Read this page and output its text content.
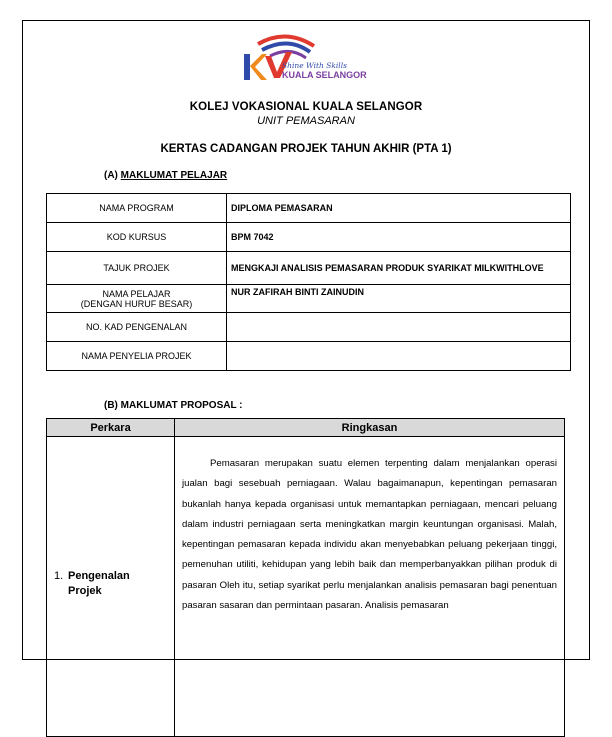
Shine With Skills
KUALA SELANGOR
KOLEJ VOKASIONAL KUALA SELANGOR
UNIT PEMASARAN
KERTAS CADANGAN PROJEK TAHUN AKHIR (PTA 1)
(A) MAKLUMAT PELAJAR
NAMA PROGRAM	DIPLOMA PEMASARAN
KOD KURSUS	BPM 7042
TAJUK PROJEK	MENGKAJI ANALISIS PEMASARAN PRODUK SYARIKAT MILKWITHLOVE
NAMA PELAJAR
(DENGAN HURUF BESAR)	NUR ZAFIRAH BINTI ZAINUDIN
NO. KAD PENGENALAN	
NAMA PENYELIA PROJEK	
(B) MAKLUMAT PROPOSAL :
Perkara	Ringkasan

1. Pengenalan
Projek	Pemasaran merupakan suatu elemen terpenting dalam menjalankan operasi jualan bagi sesebuah perniagaan. Walau bagaimanapun, kepentingan pemasaran bukanlah hanya kepada organisasi untuk memantapkan perniagaan, mencari peluang dalam industri perniagaan serta meningkatkan margin keuntungan organisasi. Malah, kepentingan pemasaran kepada individu akan menyebabkan peluang pekerjaan tinggi, pemenuhan utiliti, kehidupan yang lebih baik dan memperbanyakkan pilihan produk di pasaran Oleh itu, setiap syarikat perlu menjalankan analisis pemasaran bagi penentuan pasaran sasaran dan permintaan pasaran. Analisis pemasaran
